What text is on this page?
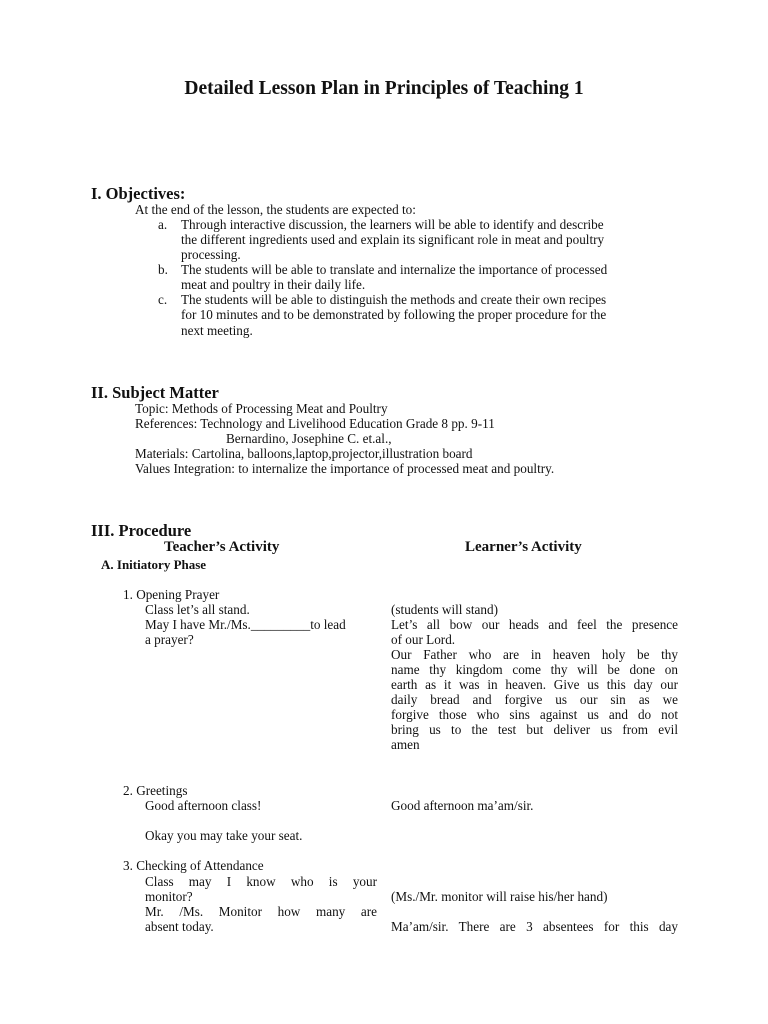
Detailed Lesson Plan in Principles of Teaching 1
I. Objectives:
At the end of the lesson, the students are expected to:
a. Through interactive discussion, the learners will be able to identify and describe
the different ingredients used and explain its significant role in meat and poultry
processing.
b. The students will be able to translate and internalize the importance of processed
meat and poultry in their daily life.
c. The students will be able to distinguish the methods and create their own recipes
for 10 minutes and to be demonstrated by following the proper procedure for the
next meeting.
II. Subject Matter
Topic: Methods of Processing Meat and Poultry
References: Technology and Livelihood Education Grade 8 pp. 9-11
Bernardino, Josephine C. et.al.,
Materials: Cartolina, balloons,laptop,projector,illustration board
Values Integration: to internalize the importance of processed meat and poultry.
III. Procedure
Teacher’s Activity	Learner’s Activity
A. Initiatory Phase
1. Opening Prayer
Class let’s all stand.
May I have Mr./Ms._________to lead
a prayer?
(students will stand)
Let’s all bow our heads and feel the presence
of our Lord.
Our Father who are in heaven holy be thy
name thy kingdom come thy will be done on
earth as it was in heaven. Give us this day our
daily bread and forgive us our sin as we
forgive those who sins against us and do not
bring us to the test but deliver us from evil
amen
2. Greetings
Good afternoon class!
Okay you may take your seat.
Good afternoon ma’am/sir.
3. Checking of Attendance
Class may I know who is your
monitor?
Mr. /Ms. Monitor how many are
absent today.
(Ms./Mr. monitor will raise his/her hand)
Ma’am/sir. There are 3 absentees for this day
